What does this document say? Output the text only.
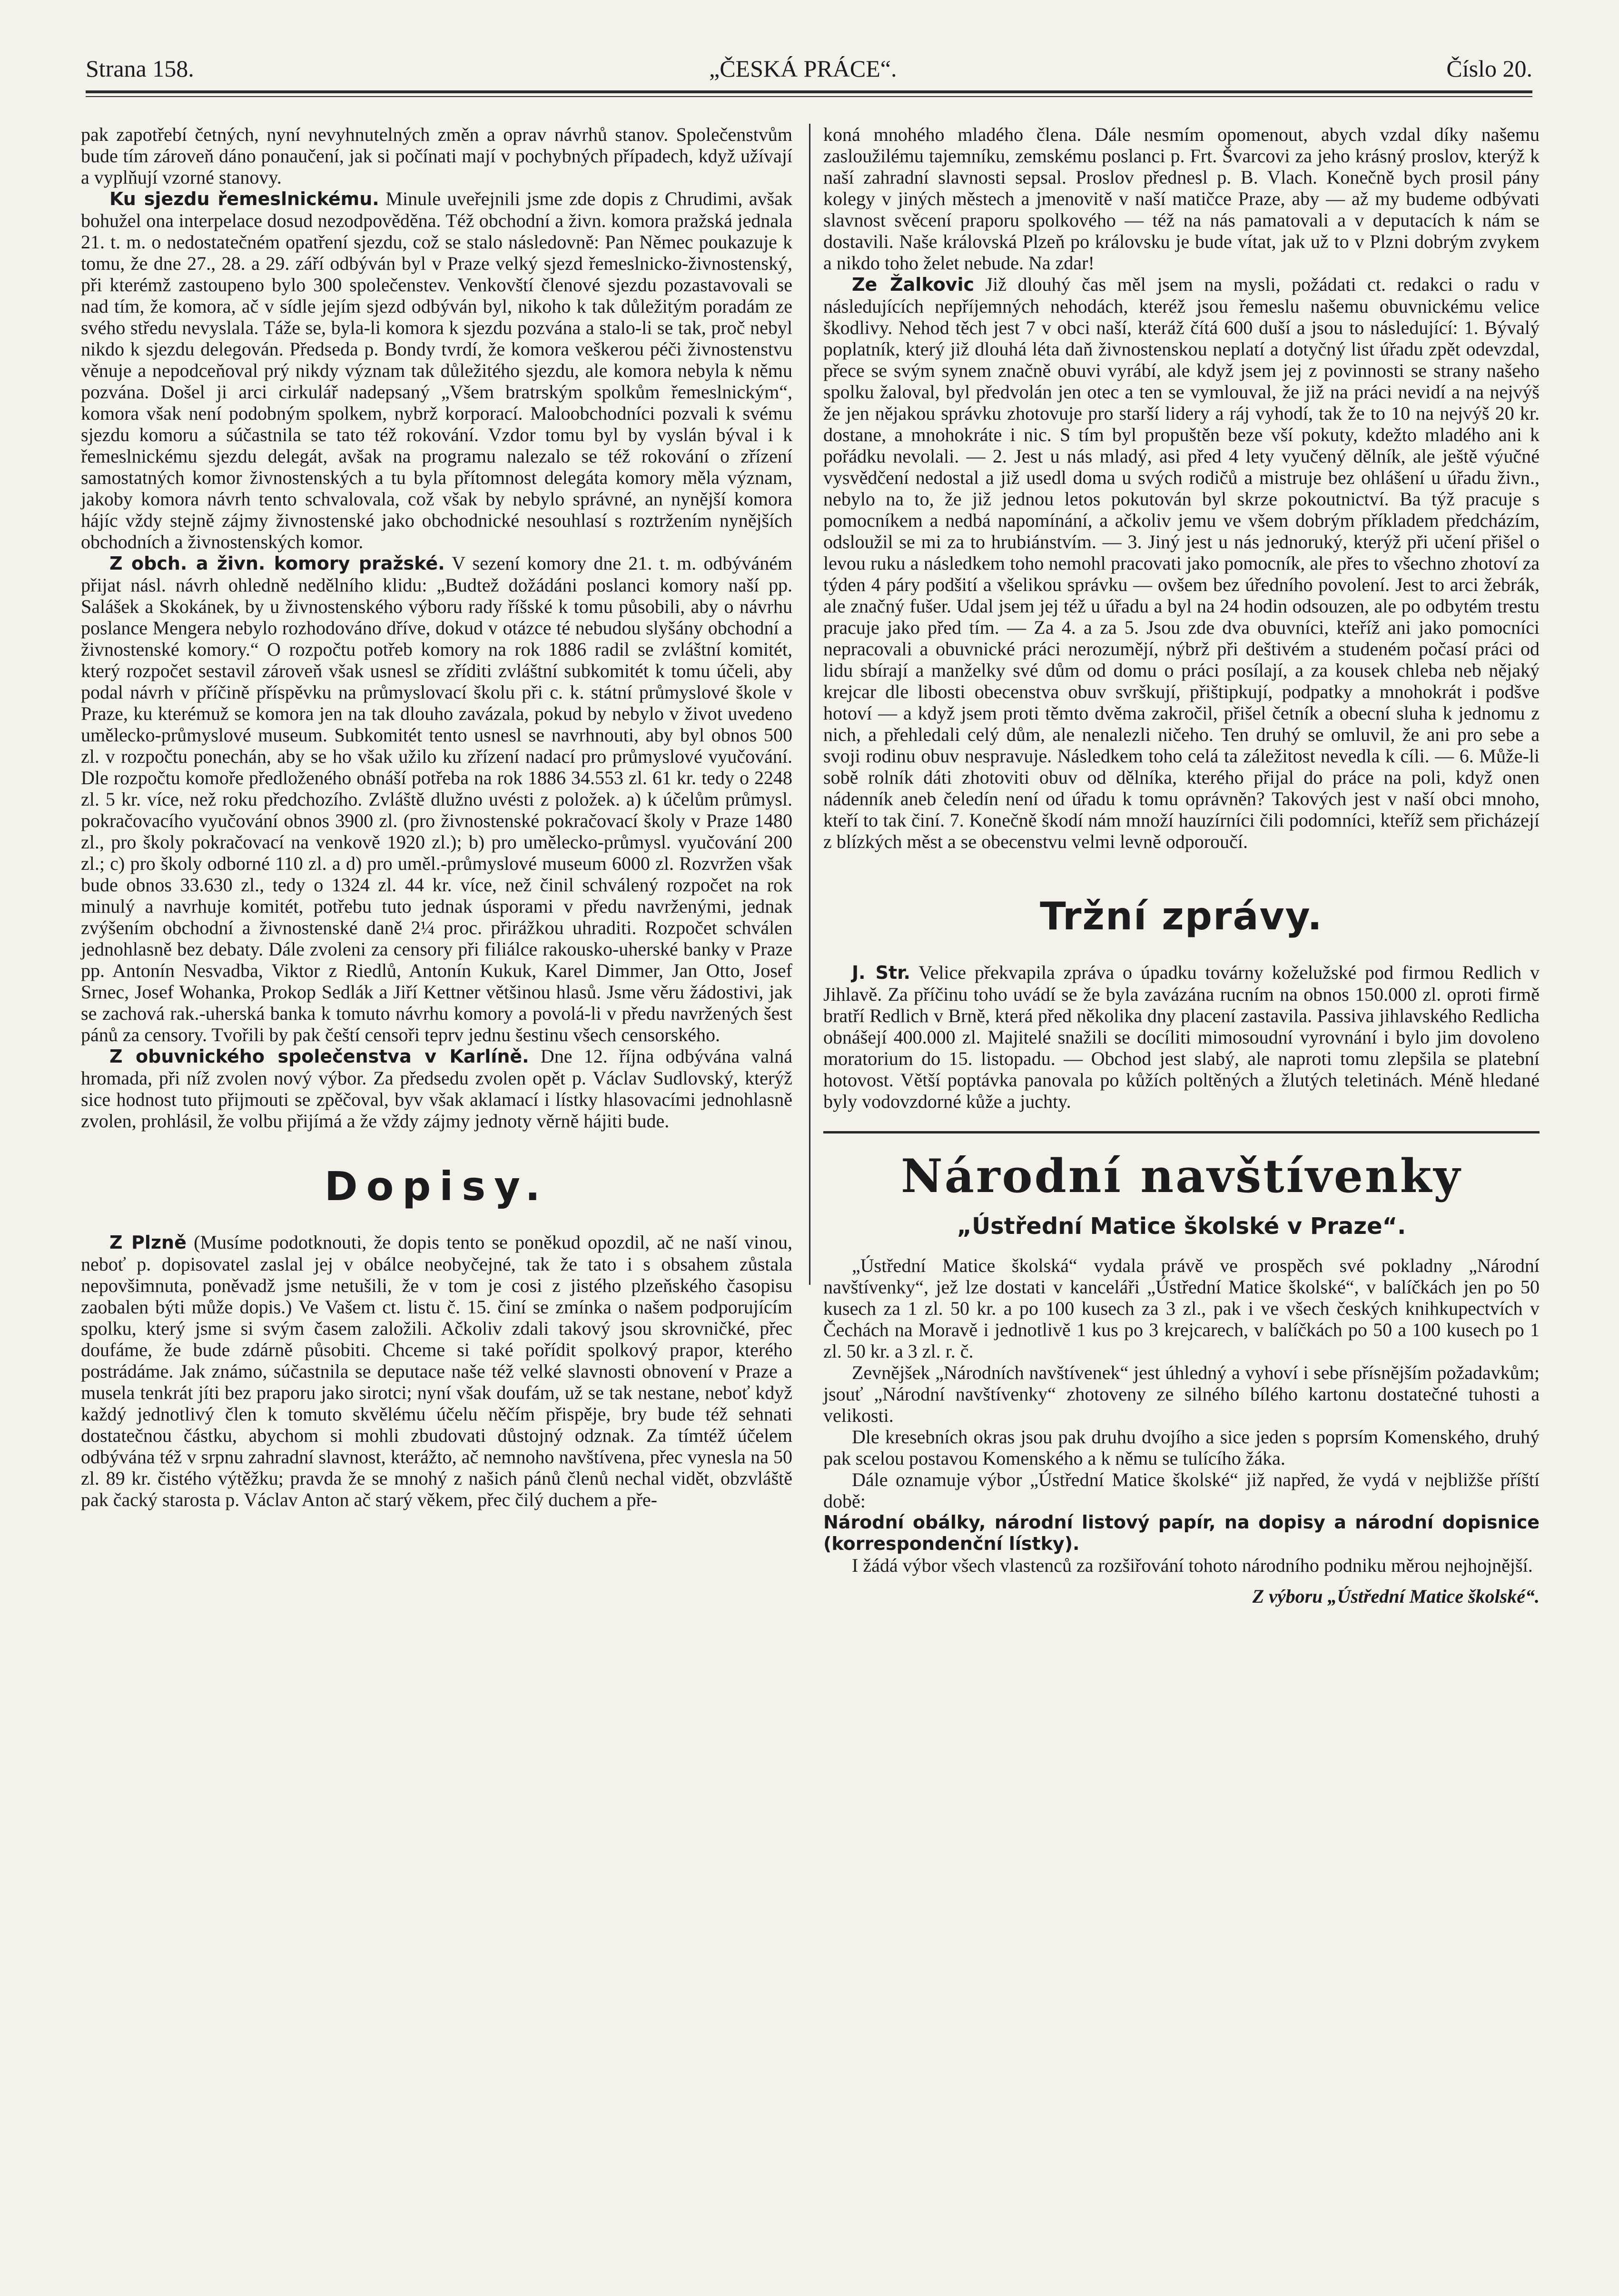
Strana 158.	„ČESKÁ PRÁCE“.	Číslo 20.

pak zapotřebí četných, nyní nevyhnutelných změn a oprav návrhů stanov. Společenstvům bude tím zároveň dáno ponaučení, jak si počínati mají v pochybných případech, když užívají a vyplňují vzorné stanovy.

Ku sjezdu řemeslnickému. Minule uveřejnili jsme zde dopis z Chrudimi, avšak bohužel ona interpelace dosud nezodpověděna. Též obchodní a živn. komora pražská jednala 21. t. m. o nedostatečném opatření sjezdu, což se stalo následovně: Pan Němec poukazuje k tomu, že dne 27., 28. a 29. září odbýván byl v Praze velký sjezd řemeslnicko-živnostenský, při kterémž zastoupeno bylo 300 společenstev. Venkovští členové sjezdu pozastavovali se nad tím, že komora, ač v sídle jejím sjezd odbýván byl, nikoho k tak důležitým poradám ze svého středu nevyslala. Táže se, byla-li komora k sjezdu pozvána a stalo-li se tak, proč nebyl nikdo k sjezdu delegován. Předseda p. Bondy tvrdí, že komora veškerou péči živnostenstvu věnuje a nepodceňoval prý nikdy význam tak důležitého sjezdu, ale komora nebyla k němu pozvána. Došel ji arci cirkulář nadepsaný „Všem bratrským spolkům řemeslnickým“, komora však není podobným spolkem, nybrž korporací. Maloobchodníci pozvali k svému sjezdu komoru a súčastnila se tato též rokování. Vzdor tomu byl by vyslán býval i k řemeslnickému sjezdu delegát, avšak na programu nalezalo se též rokování o zřízení samostatných komor živnostenských a tu byla přítomnost delegáta komory měla význam, jakoby komora návrh tento schvalovala, což však by nebylo správné, an nynější komora hájíc vždy stejně zájmy živnostenské jako obchodnické nesouhlasí s roztržením nynějších obchodních a živnostenských komor.

Z obch. a živn. komory pražské. V sezení komory dne 21. t. m. odbýváném přijat násl. návrh ohledně nedělního klidu: „Budtež dožádáni poslanci komory naší pp. Salášek a Skokánek, by u živnostenského výboru rady říšské k tomu působili, aby o návrhu poslance Mengera nebylo rozhodováno dříve, dokud v otázce té nebudou slyšány obchodní a živnostenské komory.“ O rozpočtu potřeb komory na rok 1886 radil se zvláštní komitét, který rozpočet sestavil zároveň však usnesl se zříditi zvláštní subkomitét k tomu účeli, aby podal návrh v příčině příspěvku na průmyslovací školu při c. k. státní průmyslové škole v Praze, ku kterémuž se komora jen na tak dlouho zavázala, pokud by nebylo v život uvedeno umělecko-průmyslové museum. Subkomitét tento usnesl se navrhnouti, aby byl obnos 500 zl. v rozpočtu ponechán, aby se ho však užilo ku zřízení nadací pro průmyslové vyučování. Dle rozpočtu komoře předloženého obnáší potřeba na rok 1886 34.553 zl. 61 kr. tedy o 2248 zl. 5 kr. více, než roku předchozího. Zvláště dlužno uvésti z položek. a) k účelům průmysl. pokračovacího vyučování obnos 3900 zl. (pro živnostenské pokračovací školy v Praze 1480 zl., pro školy pokračovací na venkově 1920 zl.); b) pro umělecko-průmysl. vyučování 200 zl.; c) pro školy odborné 110 zl. a d) pro uměl.-průmyslové museum 6000 zl. Rozvržen však bude obnos 33.630 zl., tedy o 1324 zl. 44 kr. více, než činil schválený rozpočet na rok minulý a navrhuje komitét, potřebu tuto jednak úsporami v předu navrženými, jednak zvýšením obchodní a živnostenské daně 2¼ proc. přirážkou uhraditi. Rozpočet schválen jednohlasně bez debaty. Dále zvoleni za censory při filiálce rakousko-uherské banky v Praze pp. Antonín Nesvadba, Viktor z Riedlů, Antonín Kukuk, Karel Dimmer, Jan Otto, Josef Srnec, Josef Wohanka, Prokop Sedlák a Jiří Kettner většinou hlasů. Jsme věru žádostivi, jak se zachová rak.-uherská banka k tomuto návrhu komory a povolá-li v předu navržených šest pánů za censory. Tvořili by pak čeští censoři teprv jednu šestinu všech censorského.

Z obuvnického společenstva v Karlíně. Dne 12. října odbývána valná hromada, při níž zvolen nový výbor. Za předsedu zvolen opět p. Václav Sudlovský, kterýž sice hodnost tuto přijmouti se zpěčoval, byv však aklamací i lístky hlasovacími jednohlasně zvolen, prohlásil, že volbu přijímá a že vždy zájmy jednoty věrně hájiti bude.

Dopisy.

Z Plzně (Musíme podotknouti, že dopis tento se poněkud opozdil, ač ne naší vinou, neboť p. dopisovatel zaslal jej v obálce neobyčejné, tak že tato i s obsahem zůstala nepovšimnuta, poněvadž jsme netušili, že v tom je cosi z jistého plzeňského časopisu zaobalen býti může dopis.) Ve Vašem ct. listu č. 15. činí se zmínka o našem podporujícím spolku, který jsme si svým časem založili. Ačkoliv zdali takový jsou skrovničké, přec doufáme, že bude zdárně působiti. Chceme si také pořídit spolkový prapor, kterého postrádáme. Jak známo, súčastnila se deputace naše též velké slavnosti obnovení v Praze a musela tenkrát jíti bez praporu jako sirotci; nyní však doufám, už se tak nestane, neboť když každý jednotlivý člen k tomuto skvělému účelu něčím přispěje, bry bude též sehnati dostatečnou částku, abychom si mohli zbudovati důstojný odznak. Za tímtéž účelem odbývána též v srpnu zahradní slavnost, kterážto, ač nemnoho navštívena, přec vynesla na 50 zl. 89 kr. čistého výtěžku; pravda že se mnohý z našich pánů členů nechal vidět, obzvláště pak čacký starosta p. Václav Anton ač starý věkem, přec čilý duchem a pře-

koná mnohého mladého člena. Dále nesmím opomenout, abych vzdal díky našemu zasloužilému tajemníku, zemskému poslanci p. Frt. Švarcovi za jeho krásný proslov, kterýž k naší zahradní slavnosti sepsal. Proslov přednesl p. B. Vlach. Konečně bych prosil pány kolegy v jiných městech a jmenovitě v naší matičce Praze, aby — až my budeme odbývati slavnost svěcení praporu spolkového — též na nás pamatovali a v deputacích k nám se dostavili. Naše královská Plzeň po královsku je bude vítat, jak už to v Plzni dobrým zvykem a nikdo toho želet nebude. Na zdar!

Ze Žalkovic Již dlouhý čas měl jsem na mysli, požádati ct. redakci o radu v následujících nepříjemných nehodách, kteréž jsou řemeslu našemu obuvnickému velice škodlivy. Nehod těch jest 7 v obci naší, kteráž čítá 600 duší a jsou to následující: 1. Bývalý poplatník, který již dlouhá léta daň živnostenskou neplatí a dotyčný list úřadu zpět odevzdal, přece se svým synem značně obuvi vyrábí, ale když jsem jej z povinnosti se strany našeho spolku žaloval, byl předvolán jen otec a ten se vymlouval, že již na práci nevidí a na nejvýš že jen nějakou správku zhotovuje pro starší lidery a ráj vyhodí, tak že to 10 na nejvýš 20 kr. dostane, a mnohokráte i nic. S tím byl propuštěn beze vší pokuty, kdežto mladého ani k pořádku nevolali. — 2. Jest u nás mladý, asi před 4 lety vyučený dělník, ale ještě výučné vysvědčení nedostal a již usedl doma u svých rodičů a mistruje bez ohlášení u úřadu živn., nebylo na to, že již jednou letos pokutován byl skrze pokoutnictví. Ba týž pracuje s pomocníkem a nedbá napomínání, a ačkoliv jemu ve všem dobrým příkladem předcházím, odsloužil se mi za to hrubiánstvím. — 3. Jiný jest u nás jednoruký, kterýž při učení přišel o levou ruku a následkem toho nemohl pracovati jako pomocník, ale přes to všechno zhotoví za týden 4 páry podšití a všelikou správku — ovšem bez úředního povolení. Jest to arci žebrák, ale značný fušer. Udal jsem jej též u úřadu a byl na 24 hodin odsouzen, ale po odbytém trestu pracuje jako před tím. — Za 4. a za 5. Jsou zde dva obuvníci, kteříž ani jako pomocníci nepracovali a obuvnické práci nerozumějí, nýbrž při deštivém a studeném počasí práci od lidu sbírají a manželky své dům od domu o práci posílají, a za kousek chleba neb nějaký krejcar dle libosti obecenstva obuv svrškují, přištipkují, podpatky a mnohokrát i podšve hotoví — a když jsem proti těmto dvěma zakročil, přišel četník a obecní sluha k jednomu z nich, a přehledali celý dům, ale nenalezli ničeho. Ten druhý se omluvil, že ani pro sebe a svoji rodinu obuv nespravuje. Následkem toho celá ta záležitost nevedla k cíli. — 6. Může-li sobě rolník dáti zhotoviti obuv od dělníka, kterého přijal do práce na poli, když onen nádenník aneb čeledín není od úřadu k tomu oprávněn? Takových jest v naší obci mnoho, kteří to tak činí. 7. Konečně škodí nám množí hauzírníci čili podomníci, kteříž sem přicházejí z blízkých měst a se obecenstvu velmi levně odporoučí.

Tržní zprávy.

J. Str. Velice překvapila zpráva o úpadku továrny koželužské pod firmou Redlich v Jihlavě. Za příčinu toho uvádí se že byla zavázána rucním na obnos 150.000 zl. oproti firmě bratří Redlich v Brně, která před několika dny placení zastavila. Passiva jihlavského Redlicha obnášejí 400.000 zl. Majitelé snažili se docíliti mimosoudní vyrovnání i bylo jim dovoleno moratorium do 15. listopadu. — Obchod jest slabý, ale naproti tomu zlepšila se platební hotovost. Větší poptávka panovala po kůžích poltěných a žlutých teletinách. Méně hledané byly vodovzdorné kůže a juchty.

Národní navštívenky
„Ústřední Matice školské v Praze“.

„Ústřední Matice školská“ vydala právě ve prospěch své pokladny „Národní navštívenky“, jež lze dostati v kanceláři „Ústřední Matice školské“, v balíčkách jen po 50 kusech za 1 zl. 50 kr. a po 100 kusech za 3 zl., pak i ve všech českých knihkupectvích v Čechách na Moravě i jednotlivě 1 kus po 3 krejcarech, v balíčkách po 50 a 100 kusech po 1 zl. 50 kr. a 3 zl. r. č.

Zevnějšek „Národních navštívenek“ jest úhledný a vyhoví i sebe přísnějším požadavkům; jsouť „Národní navštívenky“ zhotoveny ze silného bílého kartonu dostatečné tuhosti a velikosti.

Dle kresebních okras jsou pak druhu dvojího a sice jeden s poprsím Komenského, druhý pak scelou postavou Komenského a k němu se tulícího žáka.

Dále oznamuje výbor „Ústřední Matice školské“ již napřed, že vydá v nejbližše příští době:

Národní obálky, národní listový papír, na dopisy a národní dopisnice (korrespondenční lístky).

I žádá výbor všech vlastenců za rozšiřování tohoto národního podniku měrou nejhojnější.

Z výboru „Ústřední Matice školské“.
